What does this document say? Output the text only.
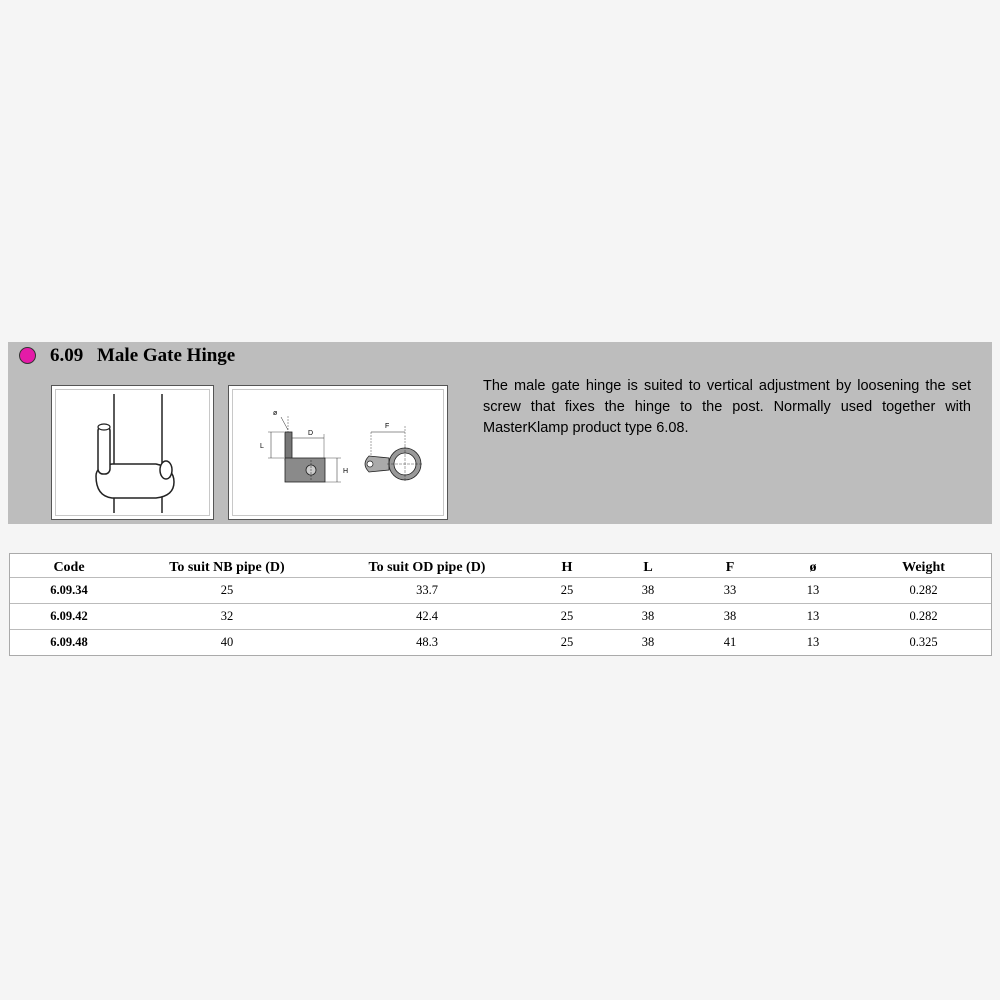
6.09 Male Gate Hinge
ø
L
D
H
F
The male gate hinge is suited to vertical adjustment by loosening the set screw that fixes the hinge to the post. Normally used together with MasterKlamp product type 6.08.
Code	To suit NB pipe (D)	To suit OD pipe (D)	H	L	F	ø	Weight
6.09.34	25	33.7	25	38	33	13	0.282
6.09.42	32	42.4	25	38	38	13	0.282
6.09.48	40	48.3	25	38	41	13	0.325
